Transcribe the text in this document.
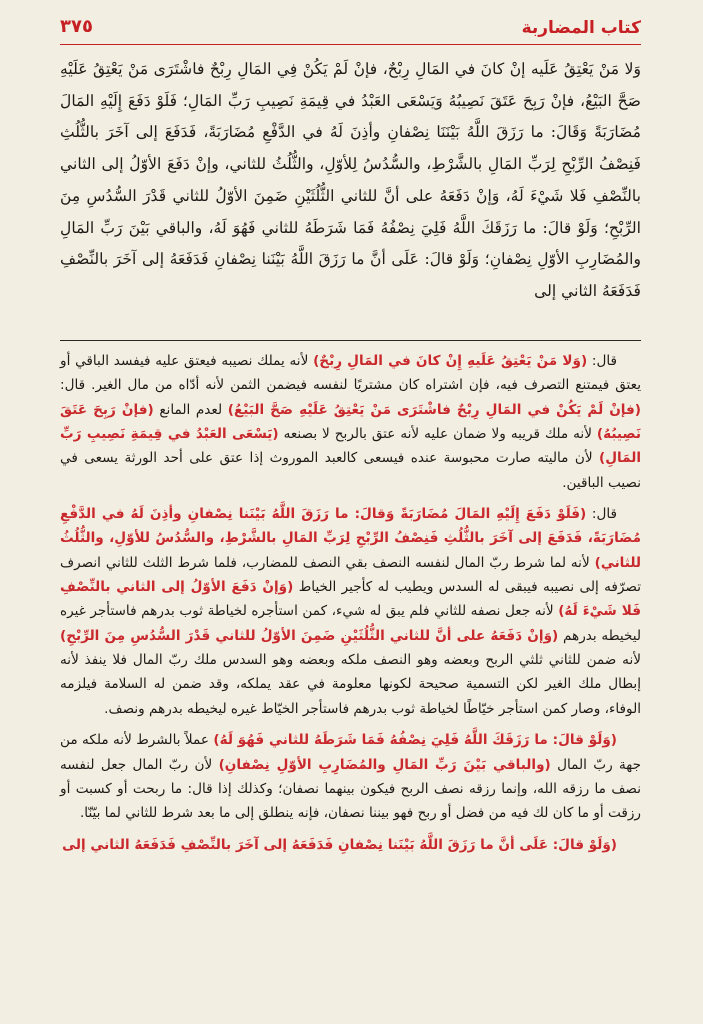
كتاب المضاربة
٣٧٥

وَلا مَنْ يَعْتِقُ عَلَيه إنْ كانَ في المَالِ رِبْحٌ، فإنْ لَمْ يَكُنْ فِي المَالِ رِبْحٌ فاشْتَرَى مَنْ يَعْتِقُ عَلَيْهِ صَحَّ البَيْعُ، فإنْ رَبِحَ عَتَقَ نَصِيبُهُ وَيَسْعَى العَبْدُ في قِيمَةِ نَصِيبِ رَبِّ المَالِ؛ فَلَوْ دَفَعَ إِلَيْهِ المَالَ مُضَارَبَةً وَقَالَ: ما رَزَقَ اللَّهُ بَيْنَنَا نِصْفانِ وأذِنَ لَهُ في الدَّفْعِ مُضَارَبَةً، فَدَفَعَ إلى آخَرَ بالثُّلُثِ فَنِصْفُ الرِّبْحِ لِرَبِّ المَالِ بالشَّرْطِ، والسُّدُسُ لِلأوّلِ، والثُّلُثُ للثاني، وإنْ دَفَعَ الأوّلُ إلى الثاني بالنِّصْفِ فَلا شَيْءَ لَهُ، وَإنْ دَفَعَهُ على أنَّ للثاني الثُّلُثَيْنِ ضَمِنَ الأوّلُ للثاني قَدْرَ السُّدُسِ مِنَ الرِّبْحِ؛ وَلَوْ قالَ: ما رَزَقَكَ اللَّهُ فَلِيَ نِصْفُهُ فَمَا شَرَطَهُ للثاني فَهُوَ لَهُ، والباقي بَيْنَ رَبِّ المَالِ والمُضَارِبِ الأوّلِ نِصْفانِ؛ وَلَوْ قالَ: عَلَى أنَّ ما رَزَقَ اللَّهُ بَيْنَنا نِصْفانِ فَدَفَعَهُ إلى آخَرَ بالنِّصْفِ فَدَفَعَهُ الثاني إلى

قال: (وَلا مَنْ يَعْتِقُ عَلَيهِ إِنْ كانَ في المَالِ رِبْحٌ) لأنه يملك نصيبه فيعتق عليه فيفسد الباقي أو يعتق فيمتنع التصرف فيه، فإن اشتراه كان مشتريًا لنفسه فيضمن الثمن لأنه أدّاه من مال الغير. قال: (فإنْ لَمْ يَكُنْ في المَالِ رِبْحٌ فاشْتَرَى مَنْ يَعْتِقُ عَلَيْهِ صَحَّ البَيْعُ) لعدم المانع (فإنْ رَبِحَ عَتَقَ نَصِيبُهُ) لأنه ملك قريبه ولا ضمان عليه لأنه عتق بالربح لا بصنعه (يَسْعَى العَبْدُ في قِيمَةِ نَصِيبِ رَبِّ المَالِ) لأن ماليته صارت محبوسة عنده فيسعى كالعبد الموروث إذا عتق على أحد الورثة يسعى في نصيب الباقين.

قال: (فَلَوْ دَفَعَ إِلَيْهِ المَالَ مُضَارَبَةً وَقالَ: ما رَزَقَ اللَّهُ بَيْنَنا نِصْفانِ وأذِنَ لَهُ في الدَّفْعِ مُضَارَبَةً، فَدَفَعَ إلى آخَرَ بالثُّلُثِ فَنِصْفُ الرِّبْحِ لِرَبِّ المَالِ بالشَّرْطِ، والسُّدُسُ للأوّلِ، والثُّلُثُ للثاني) لأنه لما شرط ربّ المال لنفسه النصف بقي النصف للمضارب، فلما شرط الثلث للثاني انصرف تصرّفه إلى نصيبه فيبقى له السدس ويطيب له كأجير الخياط (وَإنْ دَفَعَ الأوّلُ إلى الثاني بالنِّصْفِ فَلا شَيْءَ لَهُ) لأنه جعل نصفه للثاني فلم يبق له شيء، كمن استأجره لخياطة ثوب بدرهم فاستأجر غيره ليخيطه بدرهم (وَإنْ دَفَعَهُ على أنَّ للثاني الثُّلُثَيْنِ ضَمِنَ الأوّلُ للثاني قَدْرَ السُّدُسِ مِنَ الرِّبْحِ) لأنه ضمن للثاني ثلثي الربح وبعضه وهو النصف ملكه وبعضه وهو السدس ملك ربّ المال فلا ينفذ لأنه إبطال ملك الغير لكن التسمية صحيحة لكونها معلومة في عقد يملكه، وقد ضمن له السلامة فيلزمه الوفاء، وصار كمن استأجر خيّاطًا لخياطة ثوب بدرهم فاستأجر الخيّاط غيره ليخيطه بدرهم ونصف.

(وَلَوْ قالَ: ما رَزَقَكَ اللَّهُ فَلِيَ نِصْفُهُ فَمَا شَرَطَهُ للثاني فَهُوَ لَهُ) عملاً بالشرط لأنه ملكه من جهة ربّ المال (والباقي بَيْنَ رَبِّ المَالِ والمُضَارِبِ الأوّلِ نِصْفانِ) لأن ربّ المال جعل لنفسه نصف ما رزقه الله، وإنما رزقه نصف الربح فيكون بينهما نصفان؛ وكذلك إذا قال: ما ربحت أو كسبت أو رزقت أو ما كان لك فيه من فضل أو ربح فهو بيننا نصفان، فإنه ينطلق إلى ما بعد شرط للثاني لما بيّنّا.

(وَلَوْ قالَ: عَلَى أنَّ ما رَزَقَ اللَّهُ بَيْنَنا نِصْفانِ فَدَفَعَهُ إلى آخَرَ بالنِّصْفِ فَدَفَعَهُ الثاني إلى
